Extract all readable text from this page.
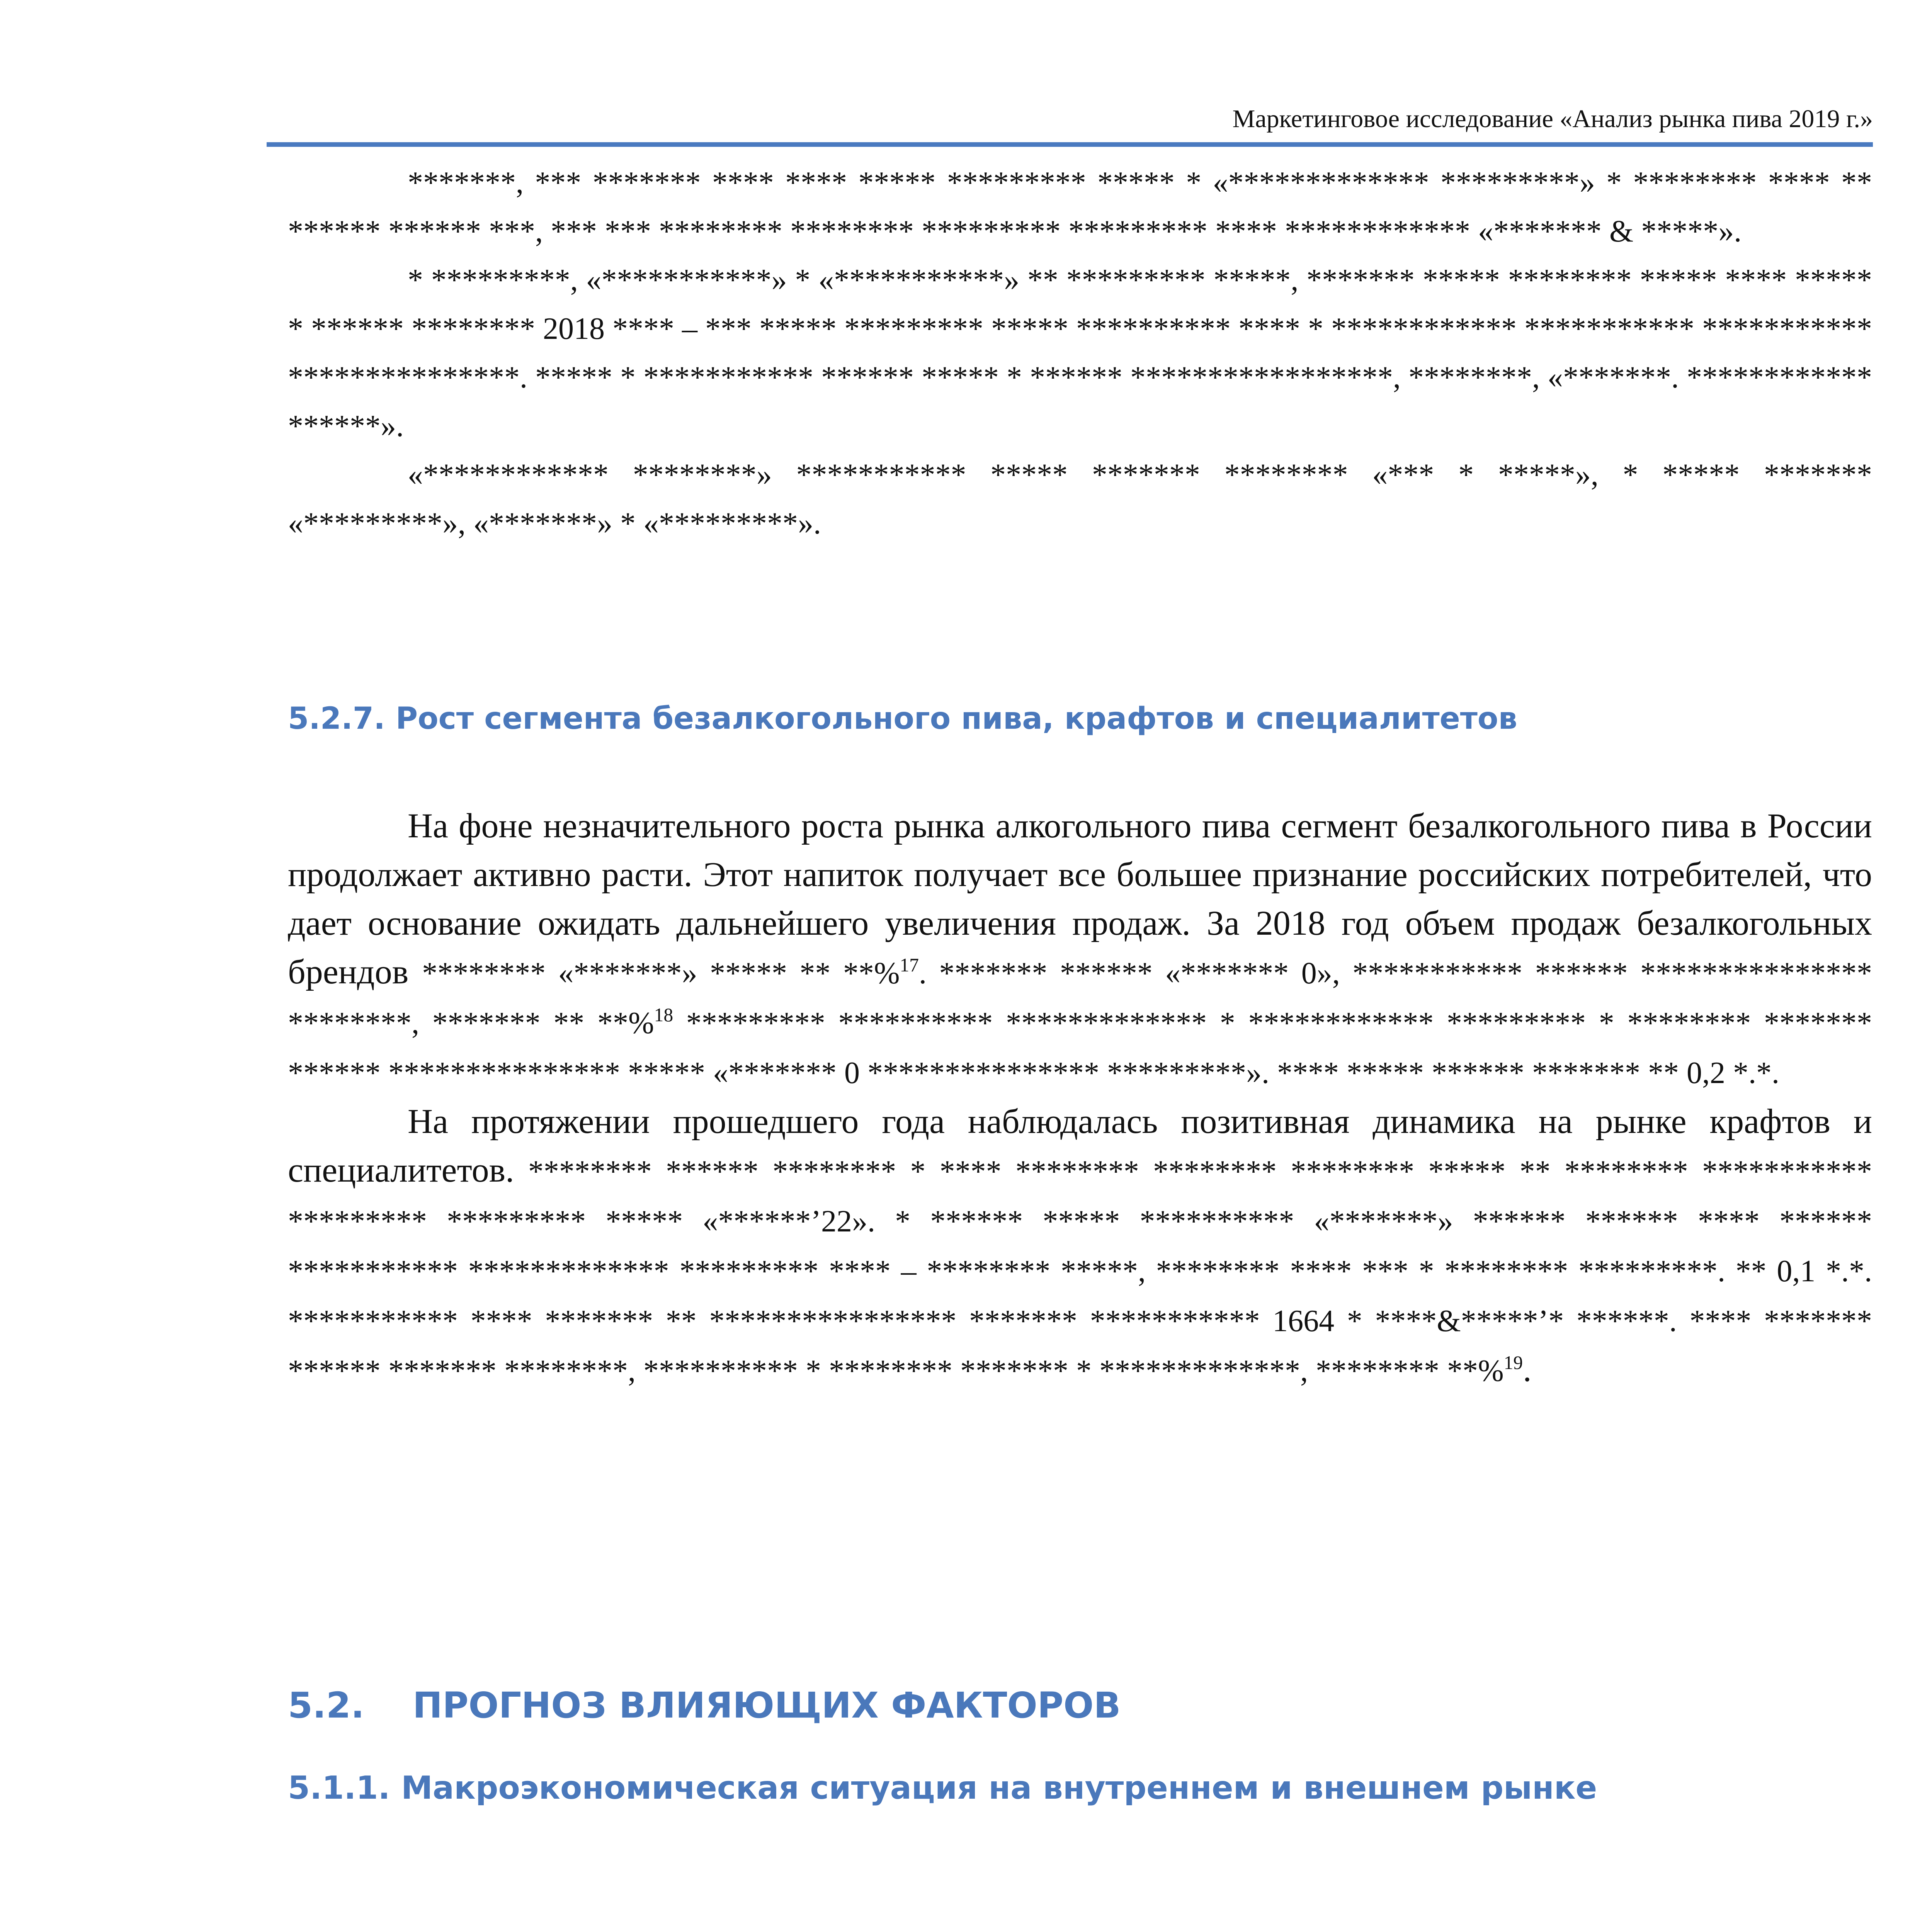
Маркетинговое исследование «Анализ рынка пива 2019 г.»

*******, *** ******* **** **** ***** ********* ***** * «************* *********» * ******** **** ** ****** ****** ***, *** *** ******** ******** ********* ********* **** ************ «******* & *****».

* *********, «***********» * «***********» ** ********* *****, ******* ***** ******** ***** **** ***** * ****** ******** 2018 **** – *** ***** ********* ***** ********** **** * ************ *********** *********** ***************. ***** * *********** ****** ***** * ****** *****************, ********, «*******. ************ ******».

«************ ********» *********** ***** ******* ******** «*** * *****», * ***** ******* «*********», «*******» * «*********».

5.2.7. Рост сегмента безалкогольного пива, крафтов и специалитетов

На фоне незначительного роста рынка алкогольного пива сегмент безалкогольного пива в России продолжает активно расти. Этот напиток получает все большее признание российских потребителей, что дает основание ожидать дальнейшего увеличения продаж. За 2018 год объем продаж безалкогольных брендов ******** «*******» ***** ** **%$^{17}$. ******* ****** «******* 0», *********** ****** *************** ********, ******* ** **%$^{18}$ ********* ********** ************* * ************ ********* * ******** ******* ****** *************** ***** «******* 0 *************** *********». **** ***** ****** ******* ** 0,2 *.*.

На протяжении прошедшего года наблюдалась позитивная динамика на рынке крафтов и специалитетов. ******** ****** ******** * **** ******** ******** ******** ***** ** ******** *********** ********* ********* ***** «******’22». * ****** ***** ********** «*******» ****** ****** **** ****** *********** ************* ********* **** – ******** *****, ******** **** *** * ******** *********. ** 0,1 *.*. *********** **** ******* ** **************** ******* *********** 1664 * ****&*****’* ******. **** ******* ****** ******* ********, ********** * ******** ******* * *************, ******** **%$^{19}$.

5.2. ПРОГНОЗ ВЛИЯЮЩИХ ФАКТОРОВ
5.1.1. Макроэкономическая ситуация на внутреннем и внешнем рынке
